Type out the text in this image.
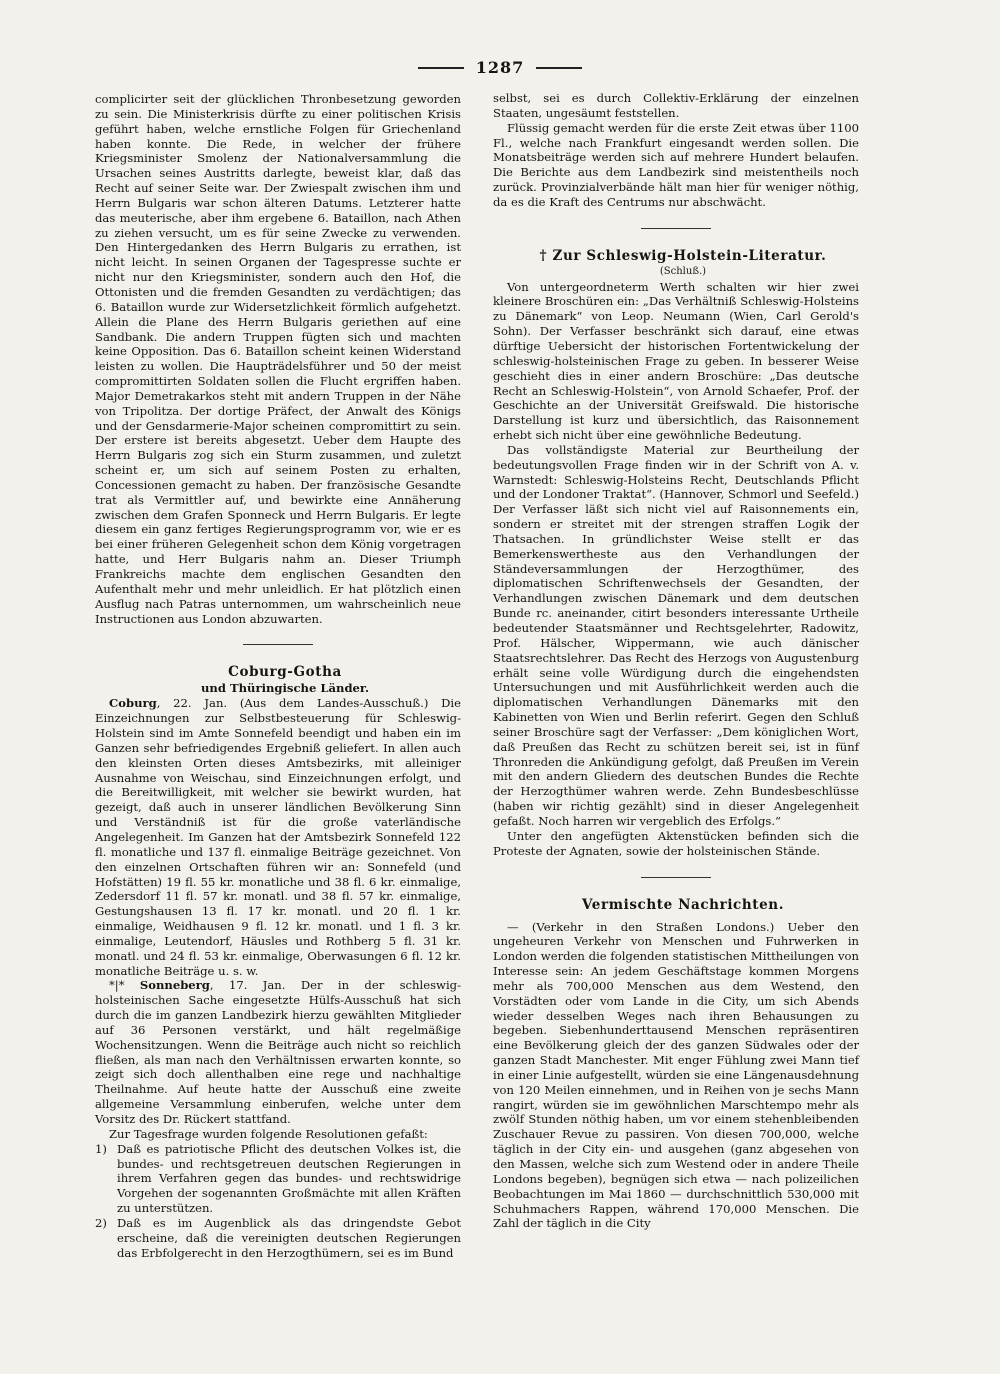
1287

complicirter seit der glücklichen Thronbesetzung geworden zu sein. Die Ministerkrisis dürfte zu einer politischen Krisis geführt haben, welche ernstliche Folgen für Griechenland haben konnte. Die Rede, in welcher der frühere Kriegsminister Smolenz der Nationalversammlung die Ursachen seines Austritts darlegte, beweist klar, daß das Recht auf seiner Seite war. Der Zwiespalt zwischen ihm und Herrn Bulgaris war schon älteren Datums. Letzterer hatte das meuterische, aber ihm ergebene 6. Bataillon, nach Athen zu ziehen versucht, um es für seine Zwecke zu verwenden. Den Hintergedanken des Herrn Bulgaris zu errathen, ist nicht leicht. In seinen Organen der Tagespresse suchte er nicht nur den Kriegsminister, sondern auch den Hof, die Ottonisten und die fremden Gesandten zu verdächtigen; das 6. Bataillon wurde zur Widersetzlichkeit förmlich aufgehetzt. Allein die Plane des Herrn Bulgaris geriethen auf eine Sandbank. Die andern Truppen fügten sich und machten keine Opposition. Das 6. Bataillon scheint keinen Widerstand leisten zu wollen. Die Haupträdelsführer und 50 der meist compromittirten Soldaten sollen die Flucht ergriffen haben. Major Demetrakarkos steht mit andern Truppen in der Nähe von Tripolitza. Der dortige Präfect, der Anwalt des Königs und der Gensdarmerie-Major scheinen compromittirt zu sein. Der erstere ist bereits abgesetzt. Ueber dem Haupte des Herrn Bulgaris zog sich ein Sturm zusammen, und zuletzt scheint er, um sich auf seinem Posten zu erhalten, Concessionen gemacht zu haben. Der französische Gesandte trat als Vermittler auf, und bewirkte eine Annäherung zwischen dem Grafen Sponneck und Herrn Bulgaris. Er legte diesem ein ganz fertiges Regierungsprogramm vor, wie er es bei einer früheren Gelegenheit schon dem König vorgetragen hatte, und Herr Bulgaris nahm an. Dieser Triumph Frankreichs machte dem englischen Gesandten den Aufenthalt mehr und mehr unleidlich. Er hat plötzlich einen Ausflug nach Patras unternommen, um wahrscheinlich neue Instructionen aus London abzuwarten.

Coburg-Gotha

und Thüringische Länder.

Coburg, 22. Jan. (Aus dem Landes-Ausschuß.) Die Einzeichnungen zur Selbstbesteuerung für Schleswig-Holstein sind im Amte Sonnefeld beendigt und haben ein im Ganzen sehr befriedigendes Ergebniß geliefert. In allen auch den kleinsten Orten dieses Amtsbezirks, mit alleiniger Ausnahme von Weischau, sind Einzeichnungen erfolgt, und die Bereitwilligkeit, mit welcher sie bewirkt wurden, hat gezeigt, daß auch in unserer ländlichen Bevölkerung Sinn und Verständniß ist für die große vaterländische Angelegenheit. Im Ganzen hat der Amtsbezirk Sonnefeld 122 fl. monatliche und 137 fl. einmalige Beiträge gezeichnet. Von den einzelnen Ortschaften führen wir an: Sonnefeld (und Hofstätten) 19 fl. 55 kr. monatliche und 38 fl. 6 kr. einmalige, Zedersdorf 11 fl. 57 kr. monatl. und 38 fl. 57 kr. einmalige, Gestungshausen 13 fl. 17 kr. monatl. und 20 fl. 1 kr. einmalige, Weidhausen 9 fl. 12 kr. monatl. und 1 fl. 3 kr. einmalige, Leutendorf, Häusles und Rothberg 5 fl. 31 kr. monatl. und 24 fl. 53 kr. einmalige, Oberwasungen 6 fl. 12 kr. monatliche Beiträge u. s. w.

*|* Sonneberg, 17. Jan. Der in der schleswig-holsteinischen Sache eingesetzte Hülfs-Ausschuß hat sich durch die im ganzen Landbezirk hierzu gewählten Mitglieder auf 36 Personen verstärkt, und hält regelmäßige Wochensitzungen. Wenn die Beiträge auch nicht so reichlich fließen, als man nach den Verhältnissen erwarten konnte, so zeigt sich doch allenthalben eine rege und nachhaltige Theilnahme. Auf heute hatte der Ausschuß eine zweite allgemeine Versammlung einberufen, welche unter dem Vorsitz des Dr. Rückert stattfand.

Zur Tagesfrage wurden folgende Resolutionen gefaßt:

1) Daß es patriotische Pflicht des deutschen Volkes ist, die bundes- und rechtsgetreuen deutschen Regierungen in ihrem Verfahren gegen das bundes- und rechtswidrige Vorgehen der sogenannten Großmächte mit allen Kräften zu unterstützen.
2) Daß es im Augenblick als das dringendste Gebot erscheine, daß die vereinigten deutschen Regierungen das Erbfolgerecht in den Herzogthümern, sei es im Bund

selbst, sei es durch Collektiv-Erklärung der einzelnen Staaten, ungesäumt feststellen.

Flüssig gemacht werden für die erste Zeit etwas über 1100 Fl., welche nach Frankfurt eingesandt werden sollen. Die Monatsbeiträge werden sich auf mehrere Hundert belaufen. Die Berichte aus dem Landbezirk sind meistentheils noch zurück. Provinzialverbände hält man hier für weniger nöthig, da es die Kraft des Centrums nur abschwächt.

† Zur Schleswig-Holstein-Literatur.

(Schluß.)

Von untergeordneterm Werth schalten wir hier zwei kleinere Broschüren ein: „Das Verhältniß Schleswig-Holsteins zu Dänemark“ von Leop. Neumann (Wien, Carl Gerold's Sohn). Der Verfasser beschränkt sich darauf, eine etwas dürftige Uebersicht der historischen Fortentwickelung der schleswig-holsteinischen Frage zu geben. In besserer Weise geschieht dies in einer andern Broschüre: „Das deutsche Recht an Schleswig-Holstein“, von Arnold Schaefer, Prof. der Geschichte an der Universität Greifswald. Die historische Darstellung ist kurz und übersichtlich, das Raisonnement erhebt sich nicht über eine gewöhnliche Bedeutung.

Das vollständigste Material zur Beurtheilung der bedeutungsvollen Frage finden wir in der Schrift von A. v. Warnstedt: Schleswig-Holsteins Recht, Deutschlands Pflicht und der Londoner Traktat“. (Hannover, Schmorl und Seefeld.) Der Verfasser läßt sich nicht viel auf Raisonnements ein, sondern er streitet mit der strengen straffen Logik der Thatsachen. In gründlichster Weise stellt er das Bemerkenswertheste aus den Verhandlungen der Ständeversammlungen der Herzogthümer, des diplomatischen Schriftenwechsels der Gesandten, der Verhandlungen zwischen Dänemark und dem deutschen Bunde rc. aneinander, citirt besonders interessante Urtheile bedeutender Staatsmänner und Rechtsgelehrter, Radowitz, Prof. Hälscher, Wippermann, wie auch dänischer Staatsrechtslehrer. Das Recht des Herzogs von Augustenburg erhält seine volle Würdigung durch die eingehendsten Untersuchungen und mit Ausführlichkeit werden auch die diplomatischen Verhandlungen Dänemarks mit den Kabinetten von Wien und Berlin referirt. Gegen den Schluß seiner Broschüre sagt der Verfasser: „Dem königlichen Wort, daß Preußen das Recht zu schützen bereit sei, ist in fünf Thronreden die Ankündigung gefolgt, daß Preußen im Verein mit den andern Gliedern des deutschen Bundes die Rechte der Herzogthümer wahren werde. Zehn Bundesbeschlüsse (haben wir richtig gezählt) sind in dieser Angelegenheit gefaßt. Noch harren wir vergeblich des Erfolgs.“

Unter den angefügten Aktenstücken befinden sich die Proteste der Agnaten, sowie der holsteinischen Stände.

Vermischte Nachrichten.

— (Verkehr in den Straßen Londons.) Ueber den ungeheuren Verkehr von Menschen und Fuhrwerken in London werden die folgenden statistischen Mittheilungen von Interesse sein: An jedem Geschäftstage kommen Morgens mehr als 700,000 Menschen aus dem Westend, den Vorstädten oder vom Lande in die City, um sich Abends wieder desselben Weges nach ihren Behausungen zu begeben. Siebenhunderttausend Menschen repräsentiren eine Bevölkerung gleich der des ganzen Südwales oder der ganzen Stadt Manchester. Mit enger Fühlung zwei Mann tief in einer Linie aufgestellt, würden sie eine Längenausdehnung von 120 Meilen einnehmen, und in Reihen von je sechs Mann rangirt, würden sie im gewöhnlichen Marschtempo mehr als zwölf Stunden nöthig haben, um vor einem stehenbleibenden Zuschauer Revue zu passiren. Von diesen 700,000, welche täglich in der City ein- und ausgehen (ganz abgesehen von den Massen, welche sich zum Westend oder in andere Theile Londons begeben), begnügen sich etwa — nach polizeilichen Beobachtungen im Mai 1860 — durchschnittlich 530,000 mit Schuhmachers Rappen, während 170,000 Menschen. Die Zahl der täglich in die City
